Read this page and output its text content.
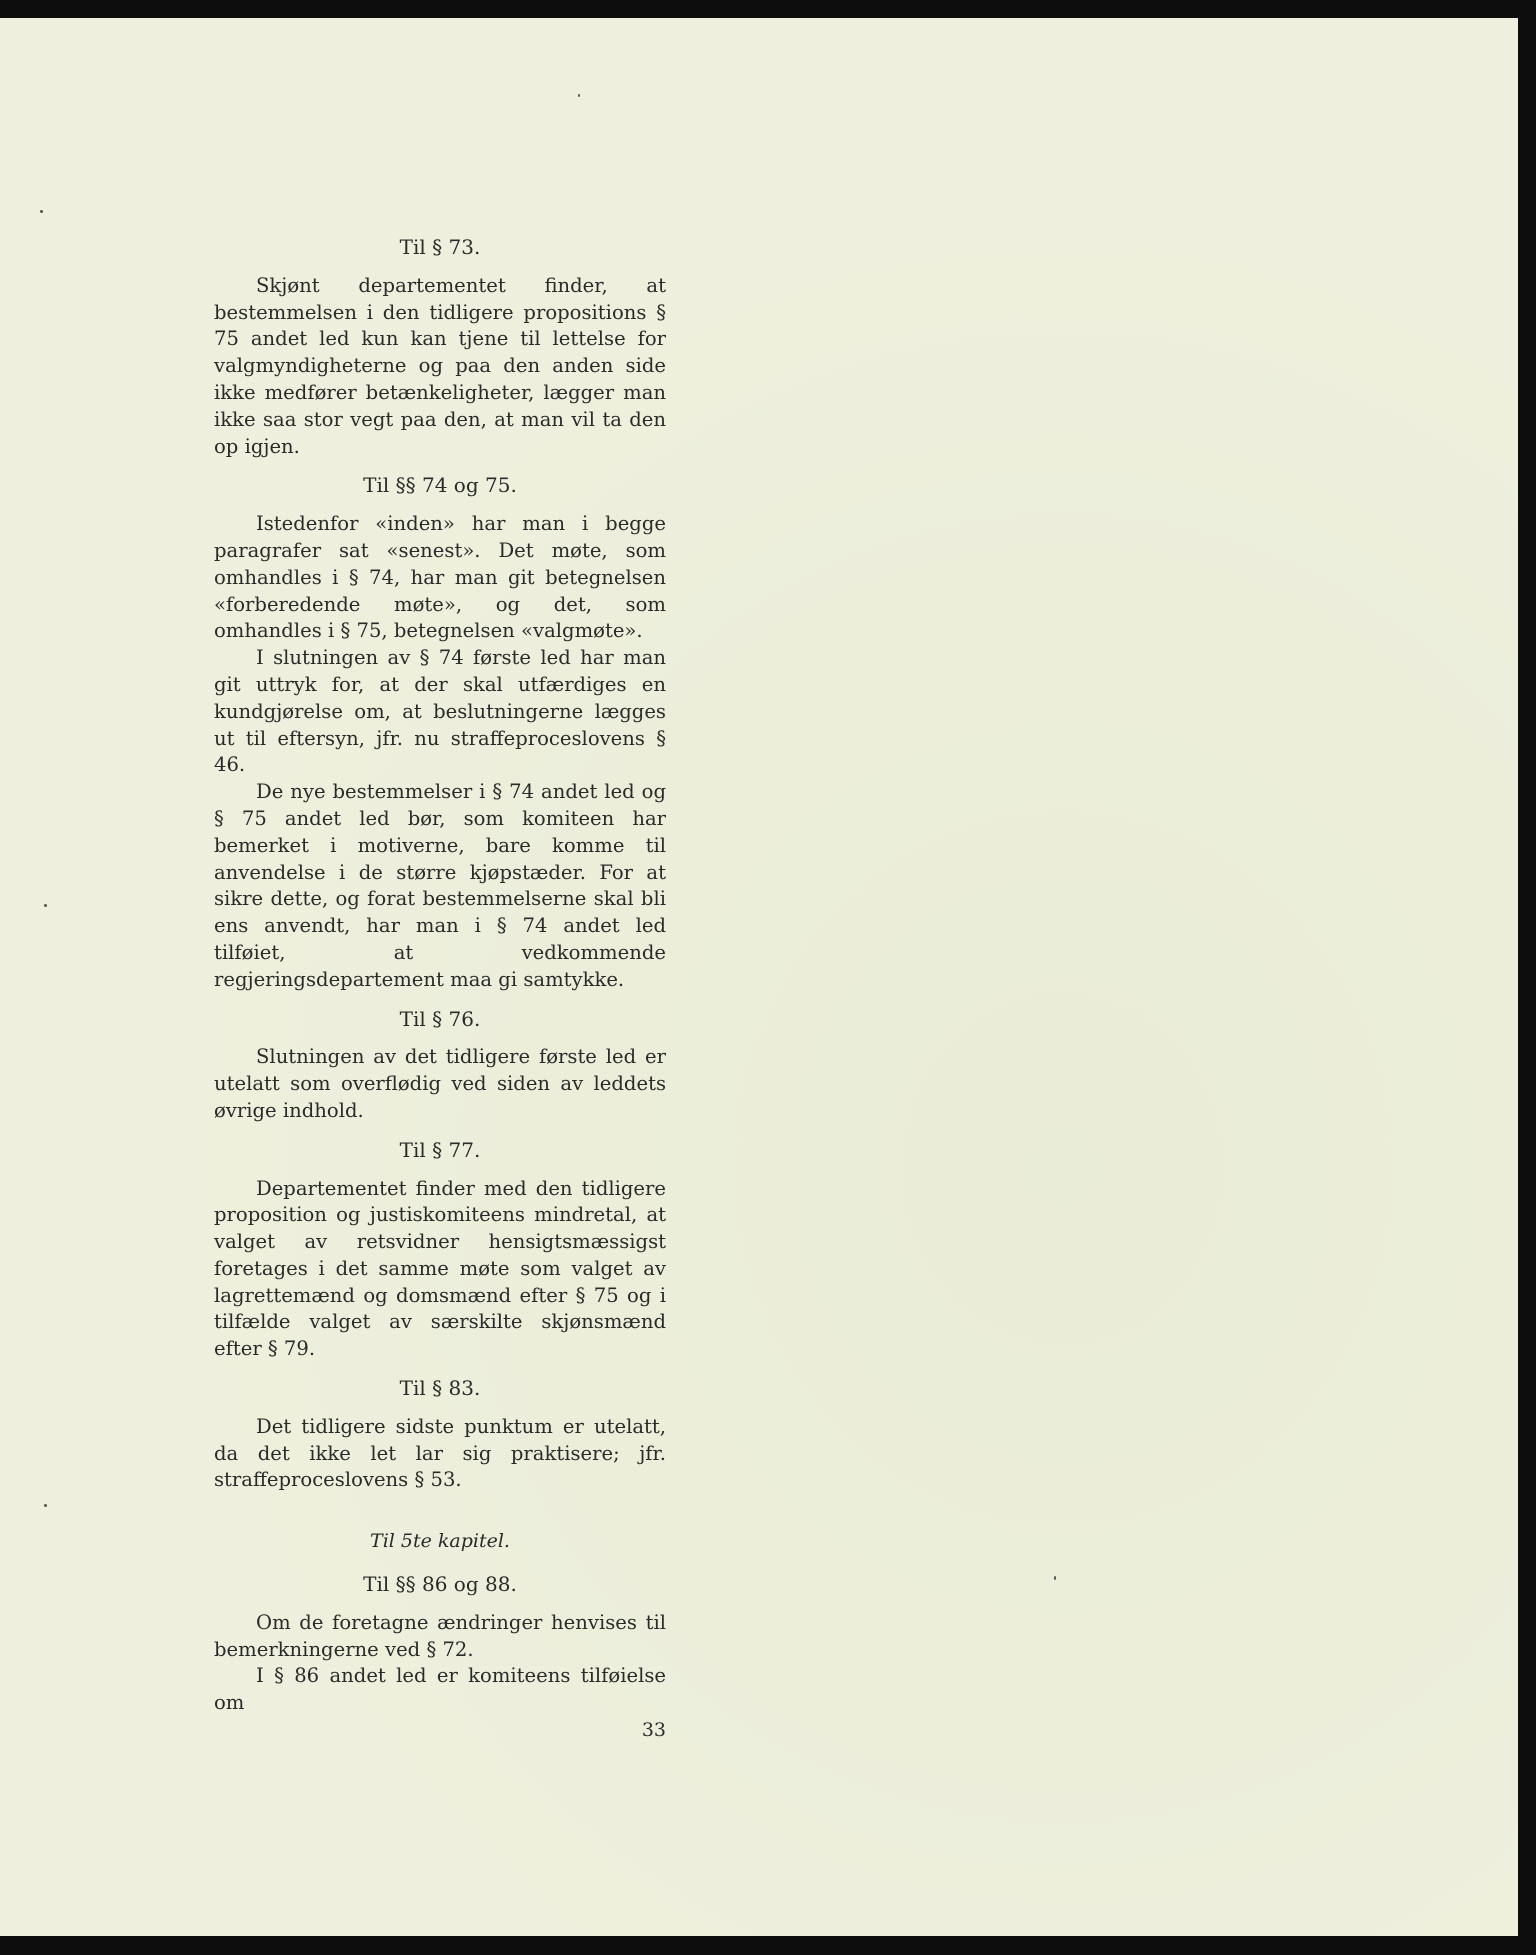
Til § 73.

Skjønt departementet finder, at bestemmelsen i den tidligere propositions § 75 andet led kun kan tjene til lettelse for valgmyndigheterne og paa den anden side ikke medfører betænkeligheter, lægger man ikke saa stor vegt paa den, at man vil ta den op igjen.

Til §§ 74 og 75.

Istedenfor «inden» har man i begge paragrafer sat «senest». Det møte, som omhandles i § 74, har man git betegnelsen «forberedende møte», og det, som omhandles i § 75, betegnelsen «valgmøte».

I slutningen av § 74 første led har man git uttryk for, at der skal utfærdiges en kundgjørelse om, at beslutningerne lægges ut til eftersyn, jfr. nu straffeproceslovens § 46.

De nye bestemmelser i § 74 andet led og § 75 andet led bør, som komiteen har bemerket i motiverne, bare komme til anvendelse i de større kjøpstæder. For at sikre dette, og forat bestemmelserne skal bli ens anvendt, har man i § 74 andet led tilføiet, at vedkommende regjeringsdepartement maa gi samtykke.

Til § 76.

Slutningen av det tidligere første led er utelatt som overflødig ved siden av leddets øvrige indhold.

Til § 77.

Departementet finder med den tidligere proposition og justiskomiteens mindretal, at valget av retsvidner hensigtsmæssigst foretages i det samme møte som valget av lagrettemænd og domsmænd efter § 75 og i tilfælde valget av særskilte skjønsmænd efter § 79.

Til § 83.

Det tidligere sidste punktum er utelatt, da det ikke let lar sig praktisere; jfr. straffeproceslovens § 53.

Til 5te kapitel.

Til §§ 86 og 88.

Om de foretagne ændringer henvises til bemerkningerne ved § 72.

I § 86 andet led er komiteens tilføielse om

33
